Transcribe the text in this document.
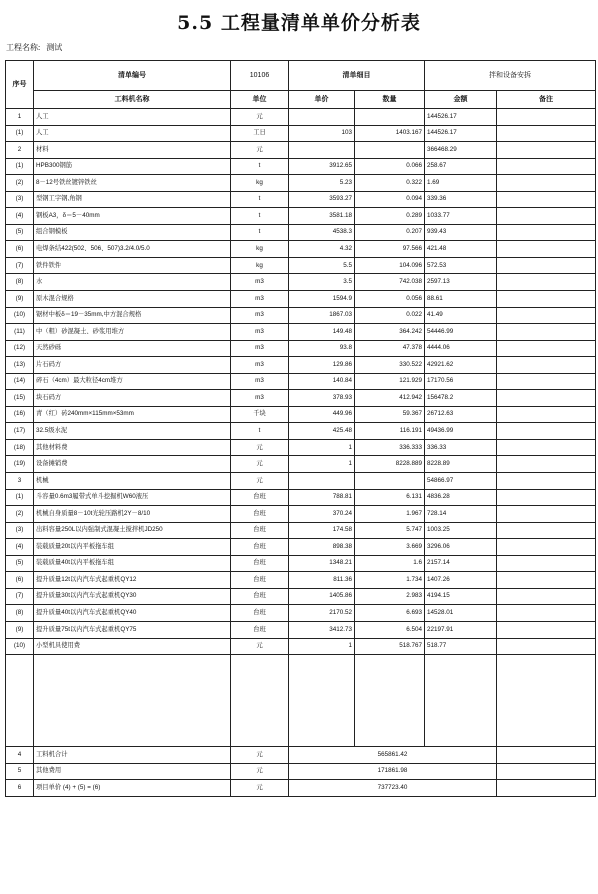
5.5 工程量清单单价分析表
工程名称: 测试
序号	清单编号	10106	清单细目		拌和设备安拆	
	工料机名称	单位	单价	数量	金额	备注
1	人工	元			144526.17	
(1)	人工	工日	103	1403.167	144526.17	
2	材料	元			366468.29	
(1)	HPB300钢筋	t	3912.65	0.066	258.67	
(2)	8－12号铁丝镀锌铁丝	kg	5.23	0.322	1.69	
(3)	型钢工字钢,角钢	t	3593.27	0.094	339.36	
(4)	钢板A3，δ＝5－40mm	t	3581.18	0.289	1033.77	
(5)	组合钢模板	t	4538.3	0.207	939.43	
(6)	电焊条结422(502、506、507)3.2/4.0/5.0	kg	4.32	97.566	421.48	
(7)	铁件铁件	kg	5.5	104.096	572.53	
(8)	水	m3	3.5	742.038	2597.13	
(9)	原木混合规格	m3	1594.9	0.056	88.61	
(10)	锯材中板δ＝19－35mm,中方混合规格	m3	1867.03	0.022	41.49	
(11)	中（粗）砂混凝土、砂浆用堆方	m3	149.48	364.242	54446.99	
(12)	天然砂砾	m3	93.8	47.378	4444.06	
(13)	片石码方	m3	129.86	330.522	42921.62	
(14)	碎石（4cm）最大粒径4cm堆方	m3	140.84	121.929	17170.56	
(15)	块石码方	m3	378.93	412.942	156478.2	
(16)	青（红）砖240mm×115mm×53mm	千块	449.96	59.367	26712.63	
(17)	32.5级水泥	t	425.48	116.191	49436.99	
(18)	其他材料费	元	1	336.333	336.33	
(19)	设备摊销费	元	1	8228.889	8228.89	
3	机械	元			54866.97	
(1)	斗容量0.6m3履带式单斗挖掘机W60液压	台班	788.81	6.131	4836.28	
(2)	机械自身质量8－10t光轮压路机2Y－8/10	台班	370.24	1.967	728.14	
(3)	出料容量250L以内强制式混凝土搅拌机JD250	台班	174.58	5.747	1003.25	
(4)	装载质量20t以内平板拖车组	台班	898.38	3.669	3296.06	
(5)	装载质量40t以内平板拖车组	台班	1348.21	1.6	2157.14	
(6)	提升质量12t以内汽车式起重机QY12	台班	811.36	1.734	1407.26	
(7)	提升质量30t以内汽车式起重机QY30	台班	1405.86	2.983	4194.15	
(8)	提升质量40t以内汽车式起重机QY40	台班	2170.52	6.693	14528.01	
(9)	提升质量75t以内汽车式起重机QY75	台班	3412.73	6.504	22197.91	
(10)	小型机具使用费	元	1	518.767	518.77	

4	工料机合计	元	565861.42			
5	其他费用	元	171861.98			
6	项目单价 (4) + (5) = (6)	元	737723.40			
